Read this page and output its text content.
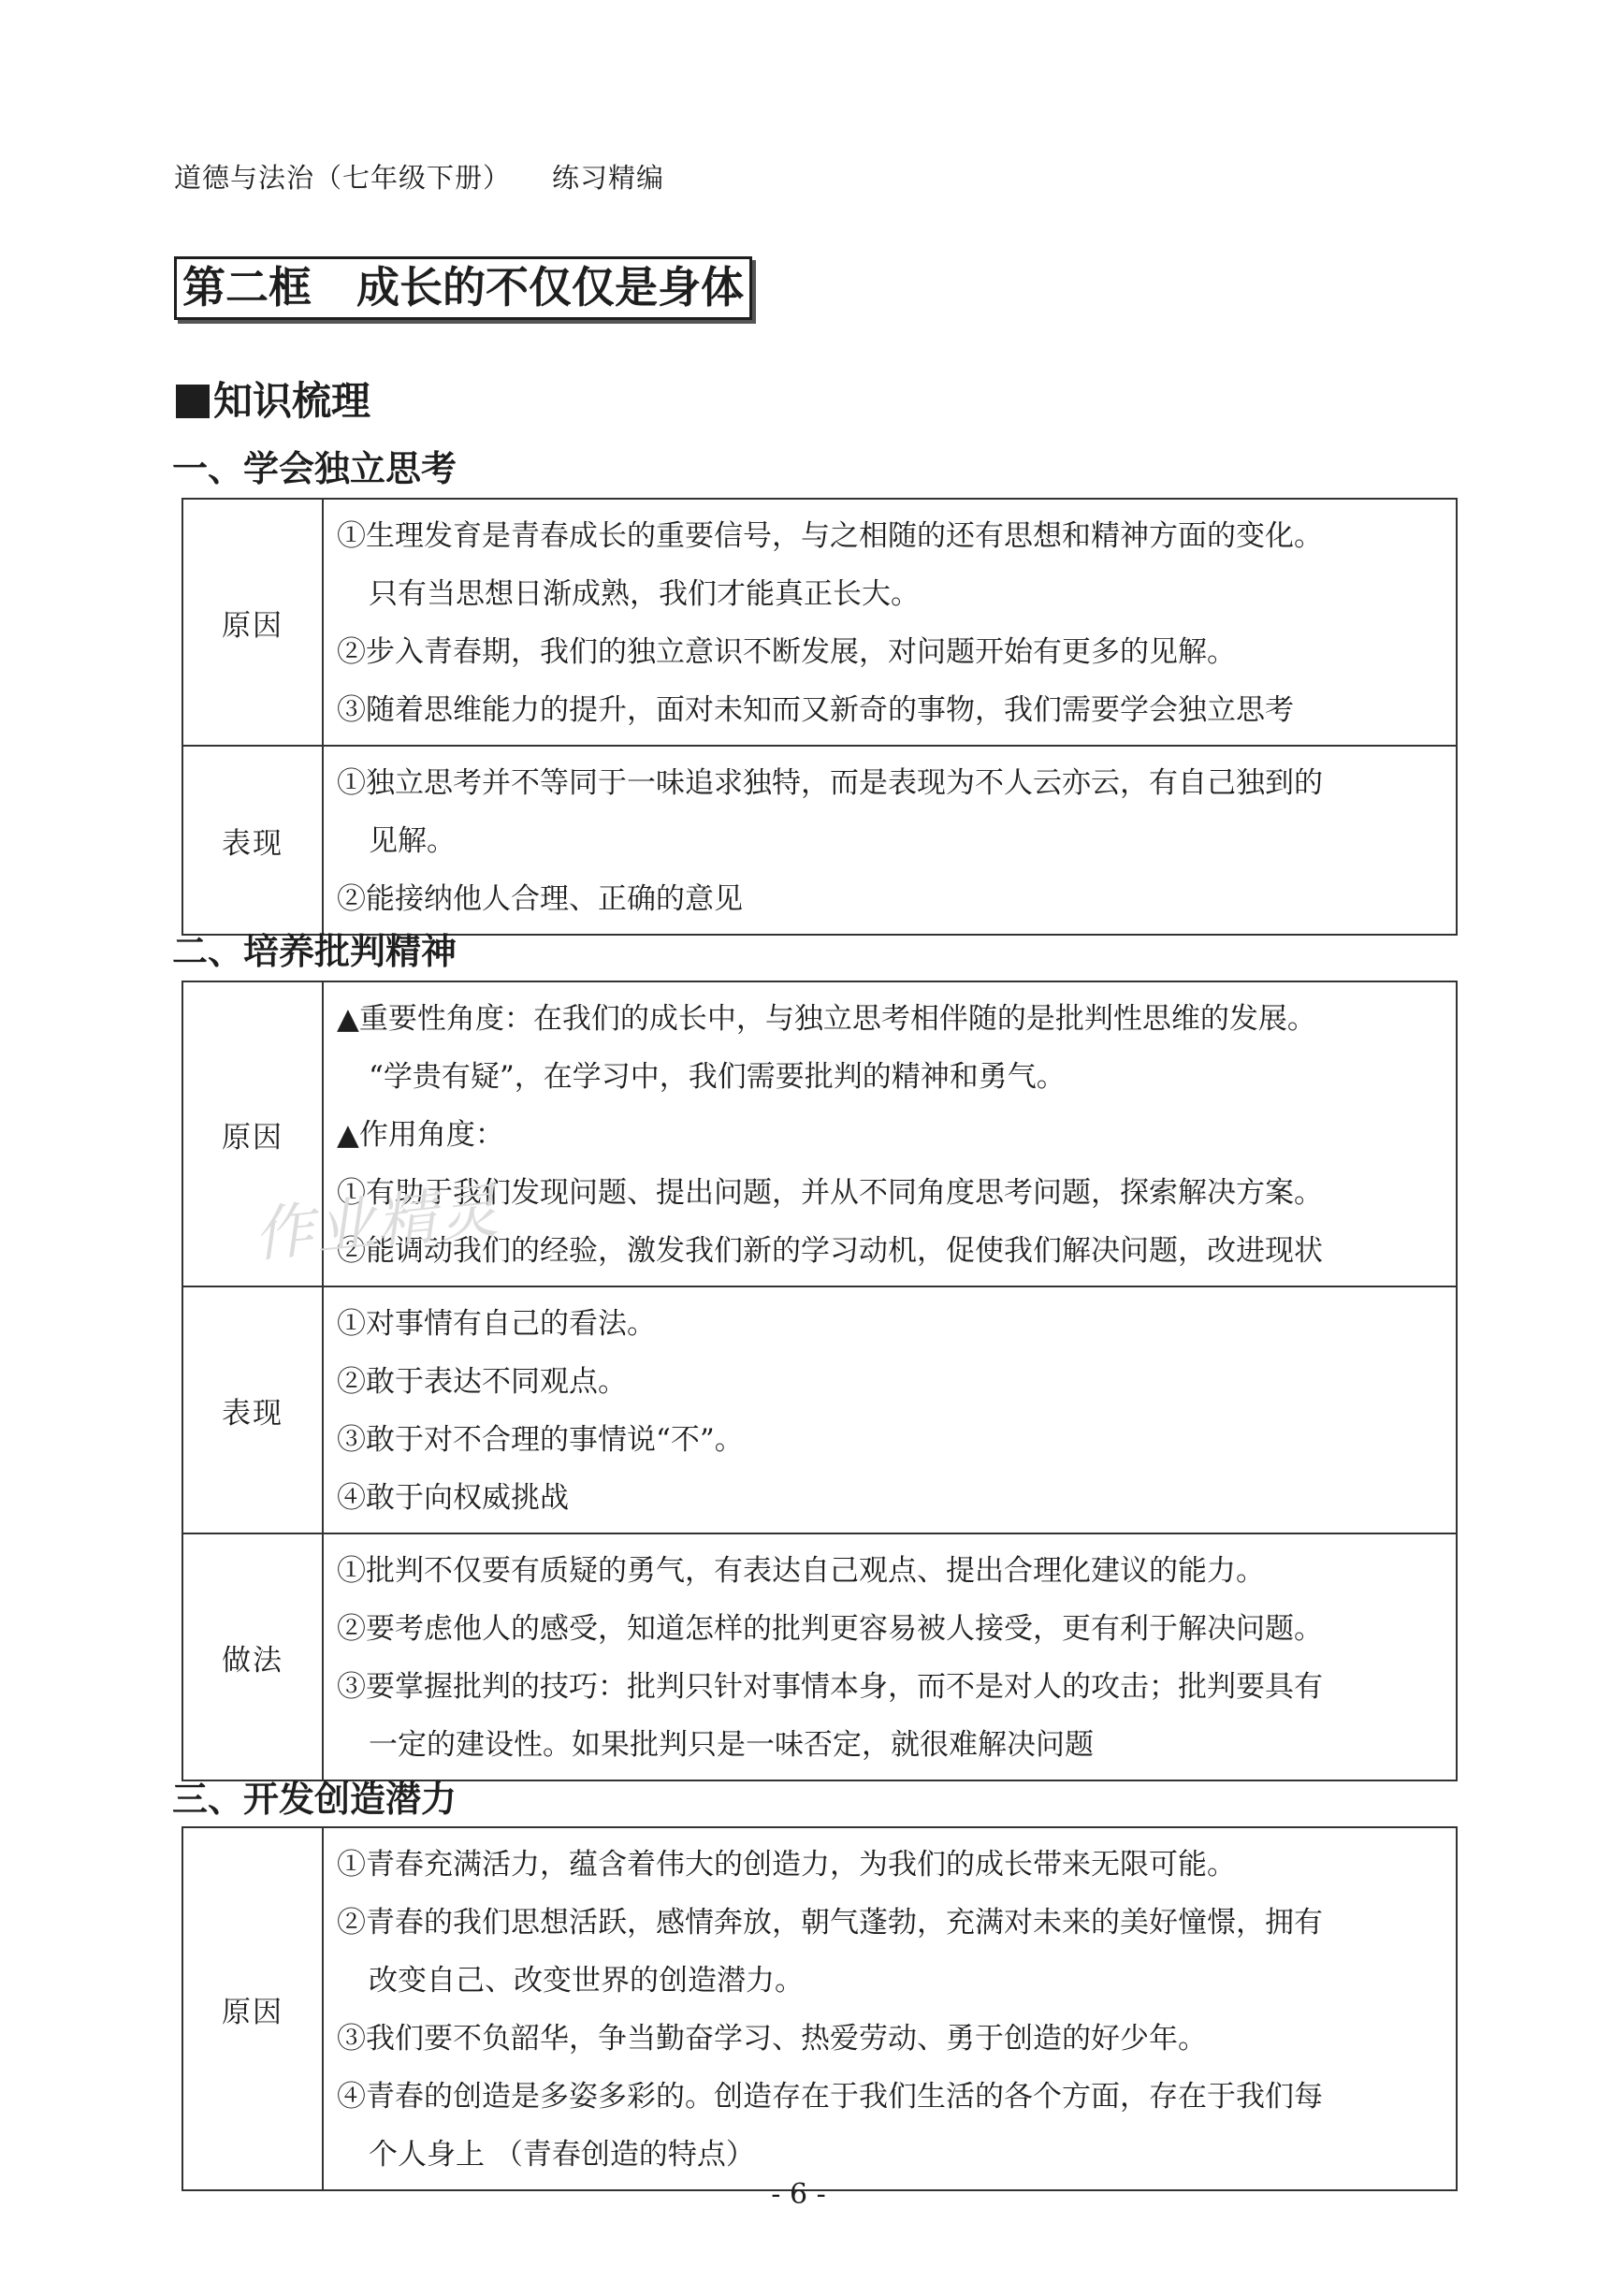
道德与法治（七年级下册） 练习精编
第二框 成长的不仅仅是身体
知识梳理
一、学会独立思考
原因	①生理发育是青春成长的重要信号，与之相随的还有思想和精神方面的变化。
只有当思想日渐成熟，我们才能真正长大。
②步入青春期，我们的独立意识不断发展，对问题开始有更多的见解。
③随着思维能力的提升，面对未知而又新奇的事物，我们需要学会独立思考

表现	①独立思考并不等同于一味追求独特，而是表现为不人云亦云，有自己独到的
见解。
②能接纳他人合理、正确的意见
二、培养批判精神
原因	▲重要性角度：在我们的成长中，与独立思考相伴随的是批判性思维的发展。
“学贵有疑”，在学习中，我们需要批判的精神和勇气。
▲作用角度：
①有助于我们发现问题、提出问题，并从不同角度思考问题，探索解决方案。
②能调动我们的经验，激发我们新的学习动机，促使我们解决问题，改进现状

表现	①对事情有自己的看法。
②敢于表达不同观点。
③敢于对不合理的事情说“不”。
④敢于向权威挑战

做法	①批判不仅要有质疑的勇气，有表达自己观点、提出合理化建议的能力。
②要考虑他人的感受，知道怎样的批判更容易被人接受，更有利于解决问题。
③要掌握批判的技巧：批判只针对事情本身，而不是对人的攻击；批判要具有
一定的建设性。如果批判只是一味否定，就很难解决问题
三、开发创造潜力
原因	
①青春充满活力，蕴含着伟大的创造力，为我们的成长带来无限可能。
②青春的我们思想活跃，感情奔放，朝气蓬勃，充满对未来的美好憧憬，拥有
改变自己、改变世界的创造潜力。
③我们要不负韶华，争当勤奋学习、热爱劳动、勇于创造的好少年。
④青春的创造是多姿多彩的。创造存在于我们生活的各个方面，存在于我们每
个人身上 （青春创造的特点）
作业精灵
- 6 -
